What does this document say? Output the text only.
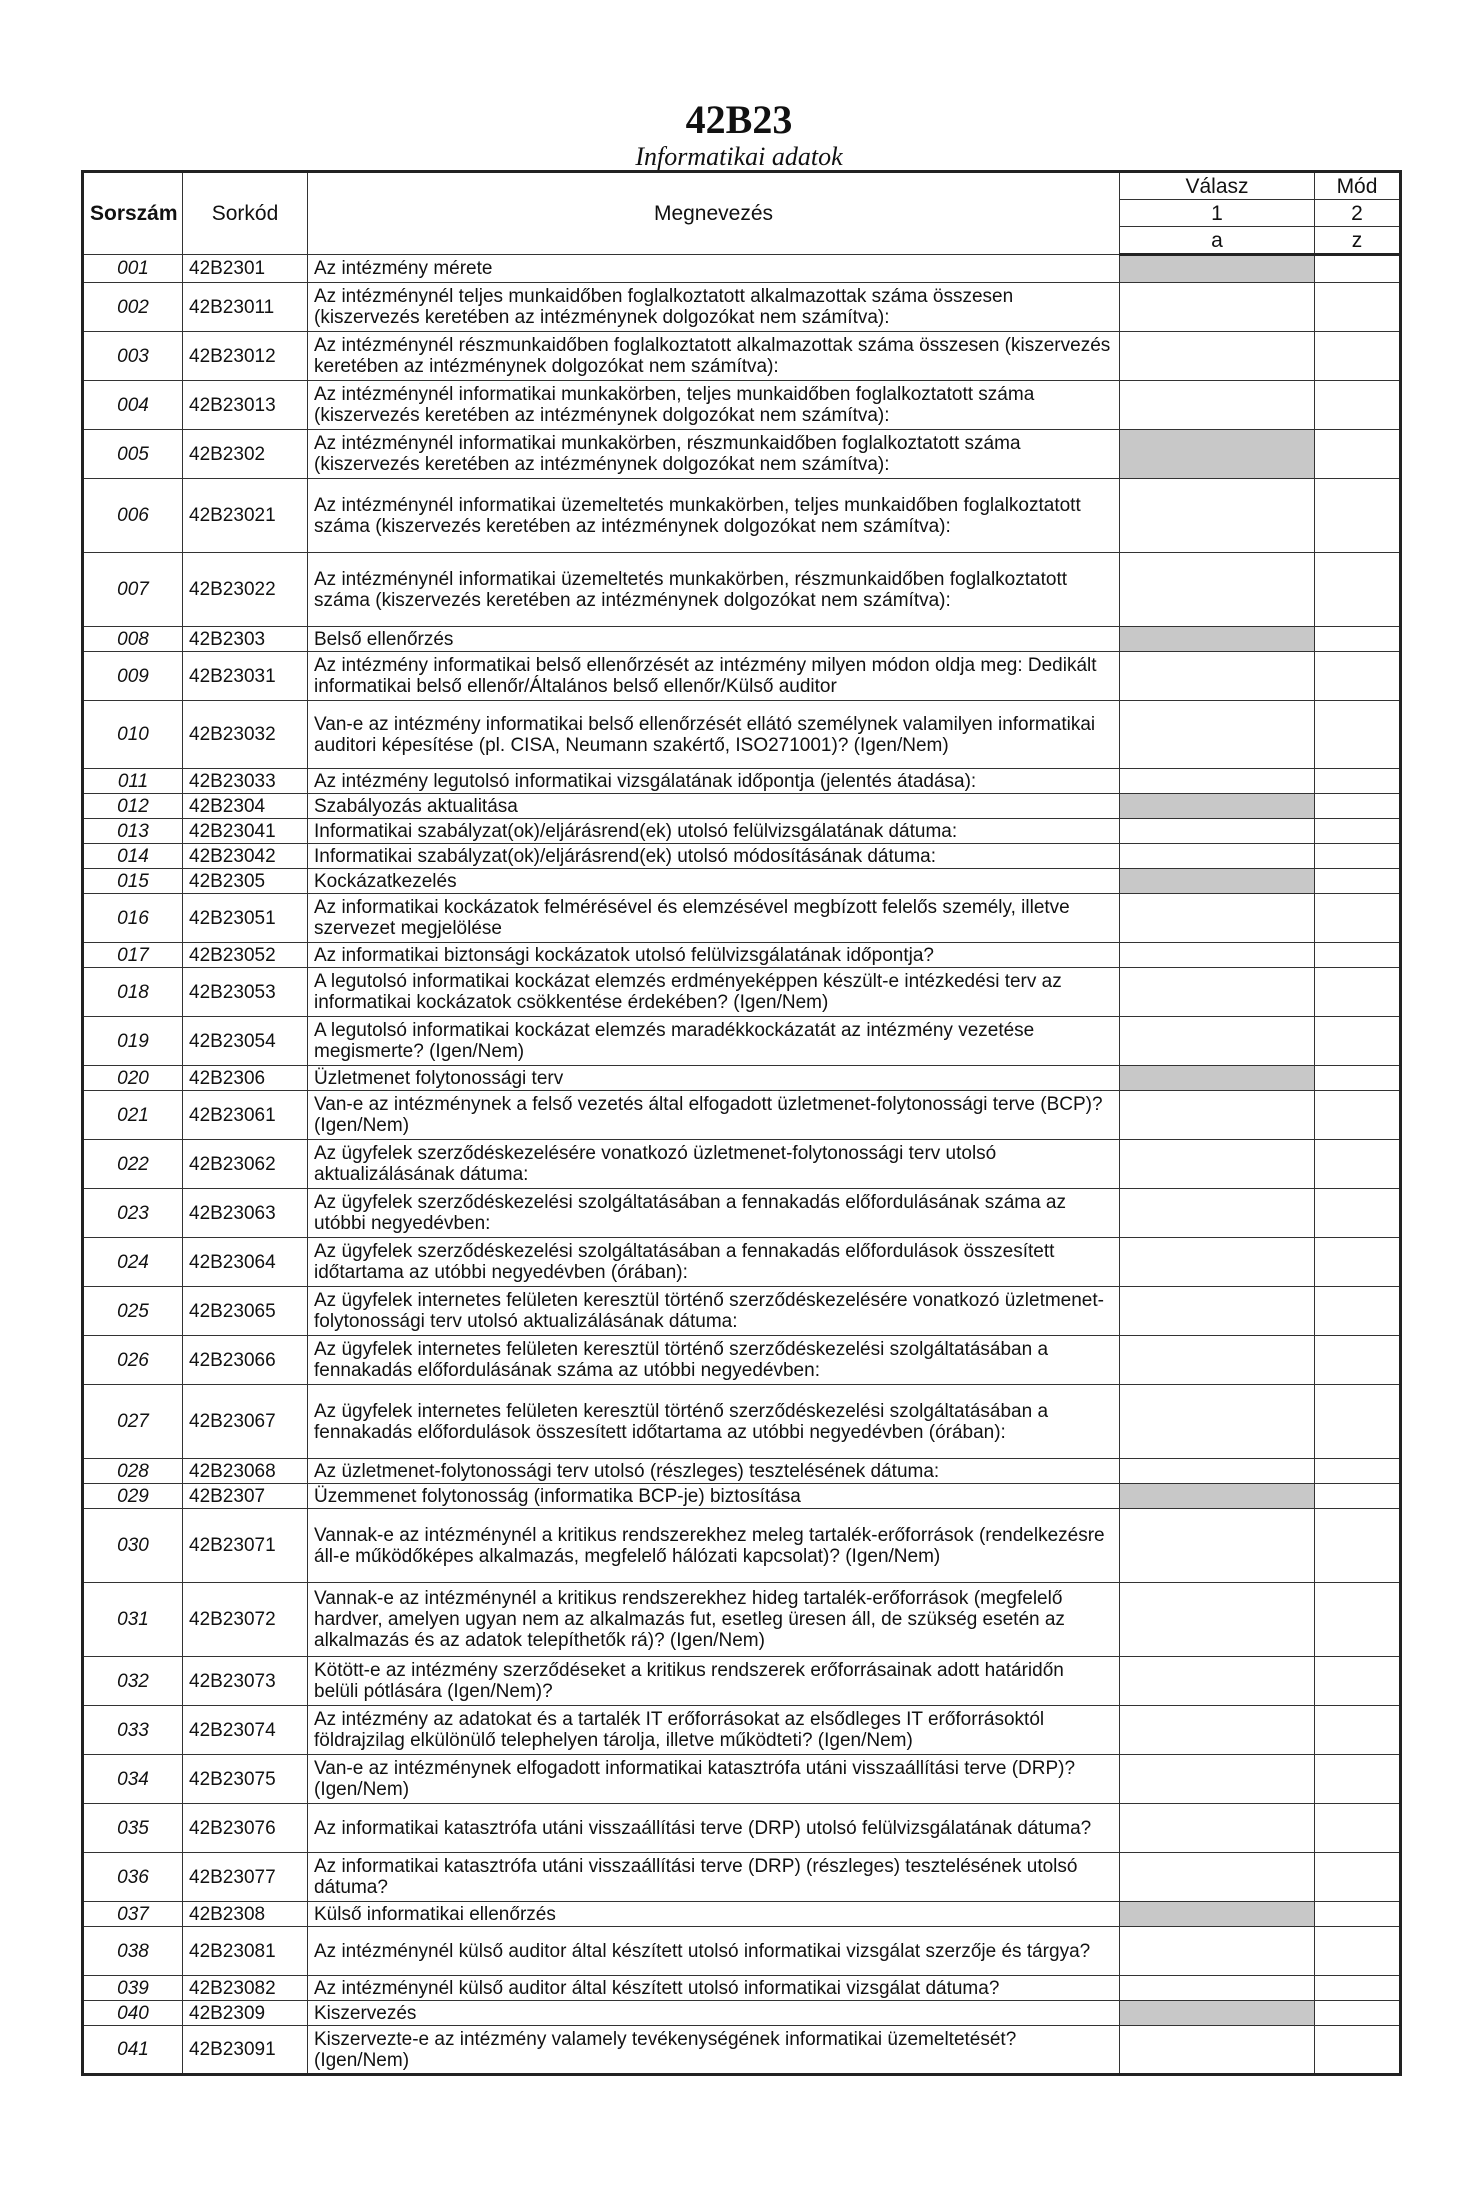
42B23
Informatikai adatok
Sorszám	Sorkód	Megnevezés	Válasz	Mód
			1	2
			a	z
001	42B2301	Az intézmény mérete		
002	42B23011	Az intézménynél teljes munkaidőben foglalkoztatott alkalmazottak száma összesen (kiszervezés keretében az intézménynek dolgozókat nem számítva):		
003	42B23012	Az intézménynél részmunkaidőben foglalkoztatott alkalmazottak száma összesen (kiszervezés keretében az intézménynek dolgozókat nem számítva):		
004	42B23013	Az intézménynél informatikai munkakörben, teljes munkaidőben foglalkoztatott száma (kiszervezés keretében az intézménynek dolgozókat nem számítva):		
005	42B2302	Az intézménynél informatikai munkakörben, részmunkaidőben foglalkoztatott száma (kiszervezés keretében az intézménynek dolgozókat nem számítva):		
006	42B23021	Az intézménynél informatikai üzemeltetés munkakörben, teljes munkaidőben foglalkoztatott száma (kiszervezés keretében az intézménynek dolgozókat nem számítva):		
007	42B23022	Az intézménynél informatikai üzemeltetés munkakörben, részmunkaidőben foglalkoztatott száma (kiszervezés keretében az intézménynek dolgozókat nem számítva):		
008	42B2303	Belső ellenőrzés		
009	42B23031	Az intézmény informatikai belső ellenőrzését az intézmény milyen módon oldja meg: Dedikált informatikai belső ellenőr/Általános belső ellenőr/Külső auditor		
010	42B23032	Van-e az intézmény informatikai belső ellenőrzését ellátó személynek valamilyen informatikai auditori képesítése (pl. CISA, Neumann szakértő, ISO271001)? (Igen/Nem)		
011	42B23033	Az intézmény legutolsó informatikai vizsgálatának időpontja (jelentés átadása):		
012	42B2304	Szabályozás aktualitása		
013	42B23041	Informatikai szabályzat(ok)/eljárásrend(ek) utolsó felülvizsgálatának dátuma:		
014	42B23042	Informatikai szabályzat(ok)/eljárásrend(ek) utolsó módosításának dátuma:		
015	42B2305	Kockázatkezelés		
016	42B23051	Az informatikai kockázatok felmérésével és elemzésével megbízott felelős személy, illetve szervezet megjelölése		
017	42B23052	Az informatikai biztonsági kockázatok utolsó felülvizsgálatának időpontja?		
018	42B23053	A legutolsó informatikai kockázat elemzés erdményeképpen készült-e intézkedési terv az informatikai kockázatok csökkentése érdekében? (Igen/Nem)		
019	42B23054	A legutolsó informatikai kockázat elemzés maradékkockázatát az intézmény vezetése megismerte? (Igen/Nem)		
020	42B2306	Üzletmenet folytonossági terv		
021	42B23061	Van-e az intézménynek a felső vezetés által elfogadott üzletmenet-folytonossági terve (BCP)? (Igen/Nem)		
022	42B23062	Az ügyfelek szerződéskezelésére vonatkozó üzletmenet-folytonossági terv utolsó aktualizálásának dátuma:		
023	42B23063	Az ügyfelek szerződéskezelési szolgáltatásában a fennakadás előfordulásának száma az utóbbi negyedévben:		
024	42B23064	Az ügyfelek szerződéskezelési szolgáltatásában a fennakadás előfordulások összesített időtartama az utóbbi negyedévben (órában):		
025	42B23065	Az ügyfelek internetes felületen keresztül történő szerződéskezelésére vonatkozó üzletmenet-folytonossági terv utolsó aktualizálásának dátuma:		
026	42B23066	Az ügyfelek internetes felületen keresztül történő szerződéskezelési szolgáltatásában a fennakadás előfordulásának száma az utóbbi negyedévben:		
027	42B23067	Az ügyfelek internetes felületen keresztül történő szerződéskezelési szolgáltatásában a fennakadás előfordulások összesített időtartama az utóbbi negyedévben (órában):		
028	42B23068	Az üzletmenet-folytonossági terv utolsó (részleges) tesztelésének dátuma:		
029	42B2307	Üzemmenet folytonosság (informatika BCP-je) biztosítása		
030	42B23071	Vannak-e az intézménynél a kritikus rendszerekhez meleg tartalék-erőforrások (rendelkezésre áll-e működőképes alkalmazás, megfelelő hálózati kapcsolat)? (Igen/Nem)		
031	42B23072	Vannak-e az intézménynél a kritikus rendszerekhez hideg tartalék-erőforrások (megfelelő hardver, amelyen ugyan nem az alkalmazás fut, esetleg üresen áll, de szükség esetén az alkalmazás és az adatok telepíthetők rá)? (Igen/Nem)		
032	42B23073	Kötött-e az intézmény szerződéseket a kritikus rendszerek erőforrásainak adott határidőn belüli pótlására (Igen/Nem)?		
033	42B23074	Az intézmény az adatokat és a tartalék IT erőforrásokat az elsődleges IT erőforrásoktól földrajzilag elkülönülő telephelyen tárolja, illetve működteti? (Igen/Nem)		
034	42B23075	Van-e az intézménynek elfogadott informatikai katasztrófa utáni visszaállítási terve (DRP)? (Igen/Nem)		
035	42B23076	Az informatikai katasztrófa utáni visszaállítási terve (DRP) utolsó felülvizsgálatának dátuma?		
036	42B23077	Az informatikai katasztrófa utáni visszaállítási terve (DRP) (részleges) tesztelésének utolsó dátuma?		
037	42B2308	Külső informatikai ellenőrzés		
038	42B23081	Az intézménynél külső auditor által készített utolsó informatikai vizsgálat szerzője és tárgya?		
039	42B23082	Az intézménynél külső auditor által készített utolsó informatikai vizsgálat dátuma?		
040	42B2309	Kiszervezés		
041	42B23091	Kiszervezte-e az intézmény valamely tevékenységének informatikai üzemeltetését? (Igen/Nem)		
